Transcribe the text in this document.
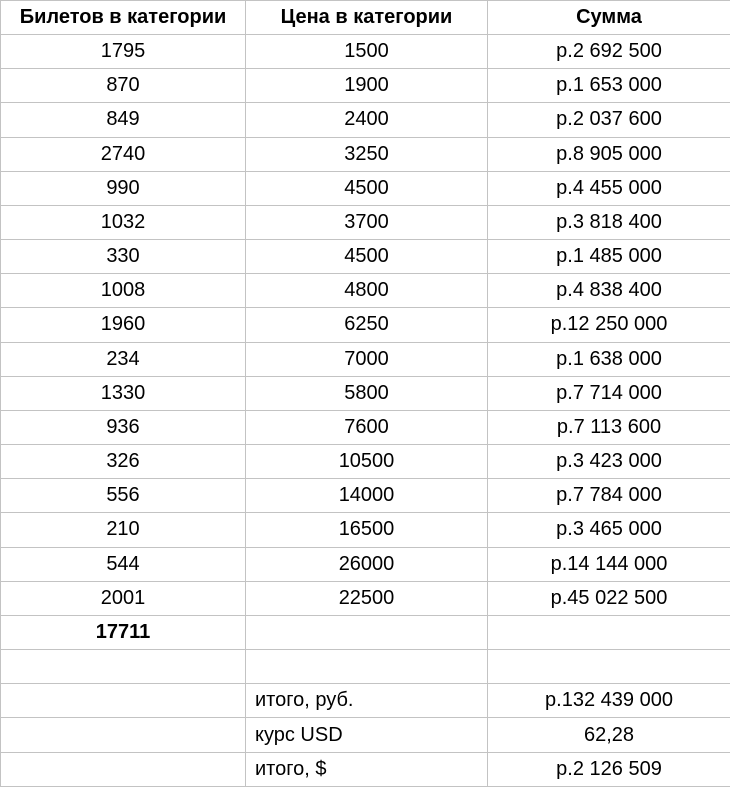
Билетов в категории	Цена в категории	Сумма
1795	1500	р.2 692 500
870	1900	р.1 653 000
849	2400	р.2 037 600
2740	3250	р.8 905 000
990	4500	р.4 455 000
1032	3700	р.3 818 400
330	4500	р.1 485 000
1008	4800	р.4 838 400
1960	6250	р.12 250 000
234	7000	р.1 638 000
1330	5800	р.7 714 000
936	7600	р.7 113 600
326	10500	р.3 423 000
556	14000	р.7 784 000
210	16500	р.3 465 000
544	26000	р.14 144 000
2001	22500	р.45 022 500
17711		

	итого, руб.	р.132 439 000
	курс USD	62,28
	итого, $	р.2 126 509
